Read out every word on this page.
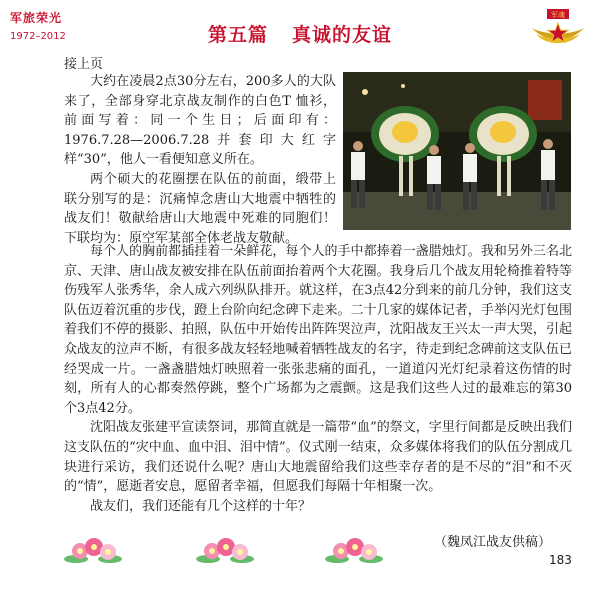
军旅荣光
1972–2012	第五篇 真诚的友谊
军魂
接上页

大约在凌晨2点30分左右，200多人的大队来了，全部身穿北京战友制作的白色T 恤衫，前面写着：同一个生日；后面印有：1976.7.28—2006.7.28并套印大红字样“30”，他人一看便知意义所在。

两个硕大的花圈摆在队伍的前面，缎带上联分别写的是：沉痛悼念唐山大地震中牺牲的战友们！敬献给唐山大地震中死难的同胞们！下联均为：原空军某部全体老战友敬献。

每个人的胸前都插挂着一朵鲜花，每个人的手中都捧着一盏腊烛灯。我和另外三名北京、天津、唐山战友被安排在队伍前面抬着两个大花圈。我身后几个战友用轮椅推着特等伤残军人张秀华，余人成六列纵队排开。就这样，在3点42分到来的前几分钟，我们这支队伍迈着沉重的步伐，蹬上台阶向纪念碑下走来。二十几家的媒体记者，手举闪光灯包围着我们不停的摄影、拍照，队伍中开始传出阵阵哭泣声，沈阳战友王兴太一声大哭，引起众战友的泣声不断，有很多战友轻轻地喊着牺牲战友的名字，待走到纪念碑前这支队伍已经哭成一片。一盏盏腊烛灯映照着一张张悲痛的面孔，一道道闪光灯纪录着这伤情的时刻，所有人的心都奏然停跳，整个广场都为之震颤。这是我们这些人过的最难忘的第30个3点42分。

沈阳战友张建平宣读祭词，那简直就是一篇带“血”的祭文，字里行间都是反映出我们这支队伍的“灾中血、血中泪、泪中情”。仪式刚一结束，众多媒体将我们的队伍分割成几块进行采访，我们还说什么呢？唐山大地震留给我们这些幸存者的是不尽的“泪”和不灭的“情”，愿逝者安息，愿留者幸福，但愿我们每隔十年相聚一次。

战友们，我们还能有几个这样的十年？

（魏凤江战友供稿）
183
